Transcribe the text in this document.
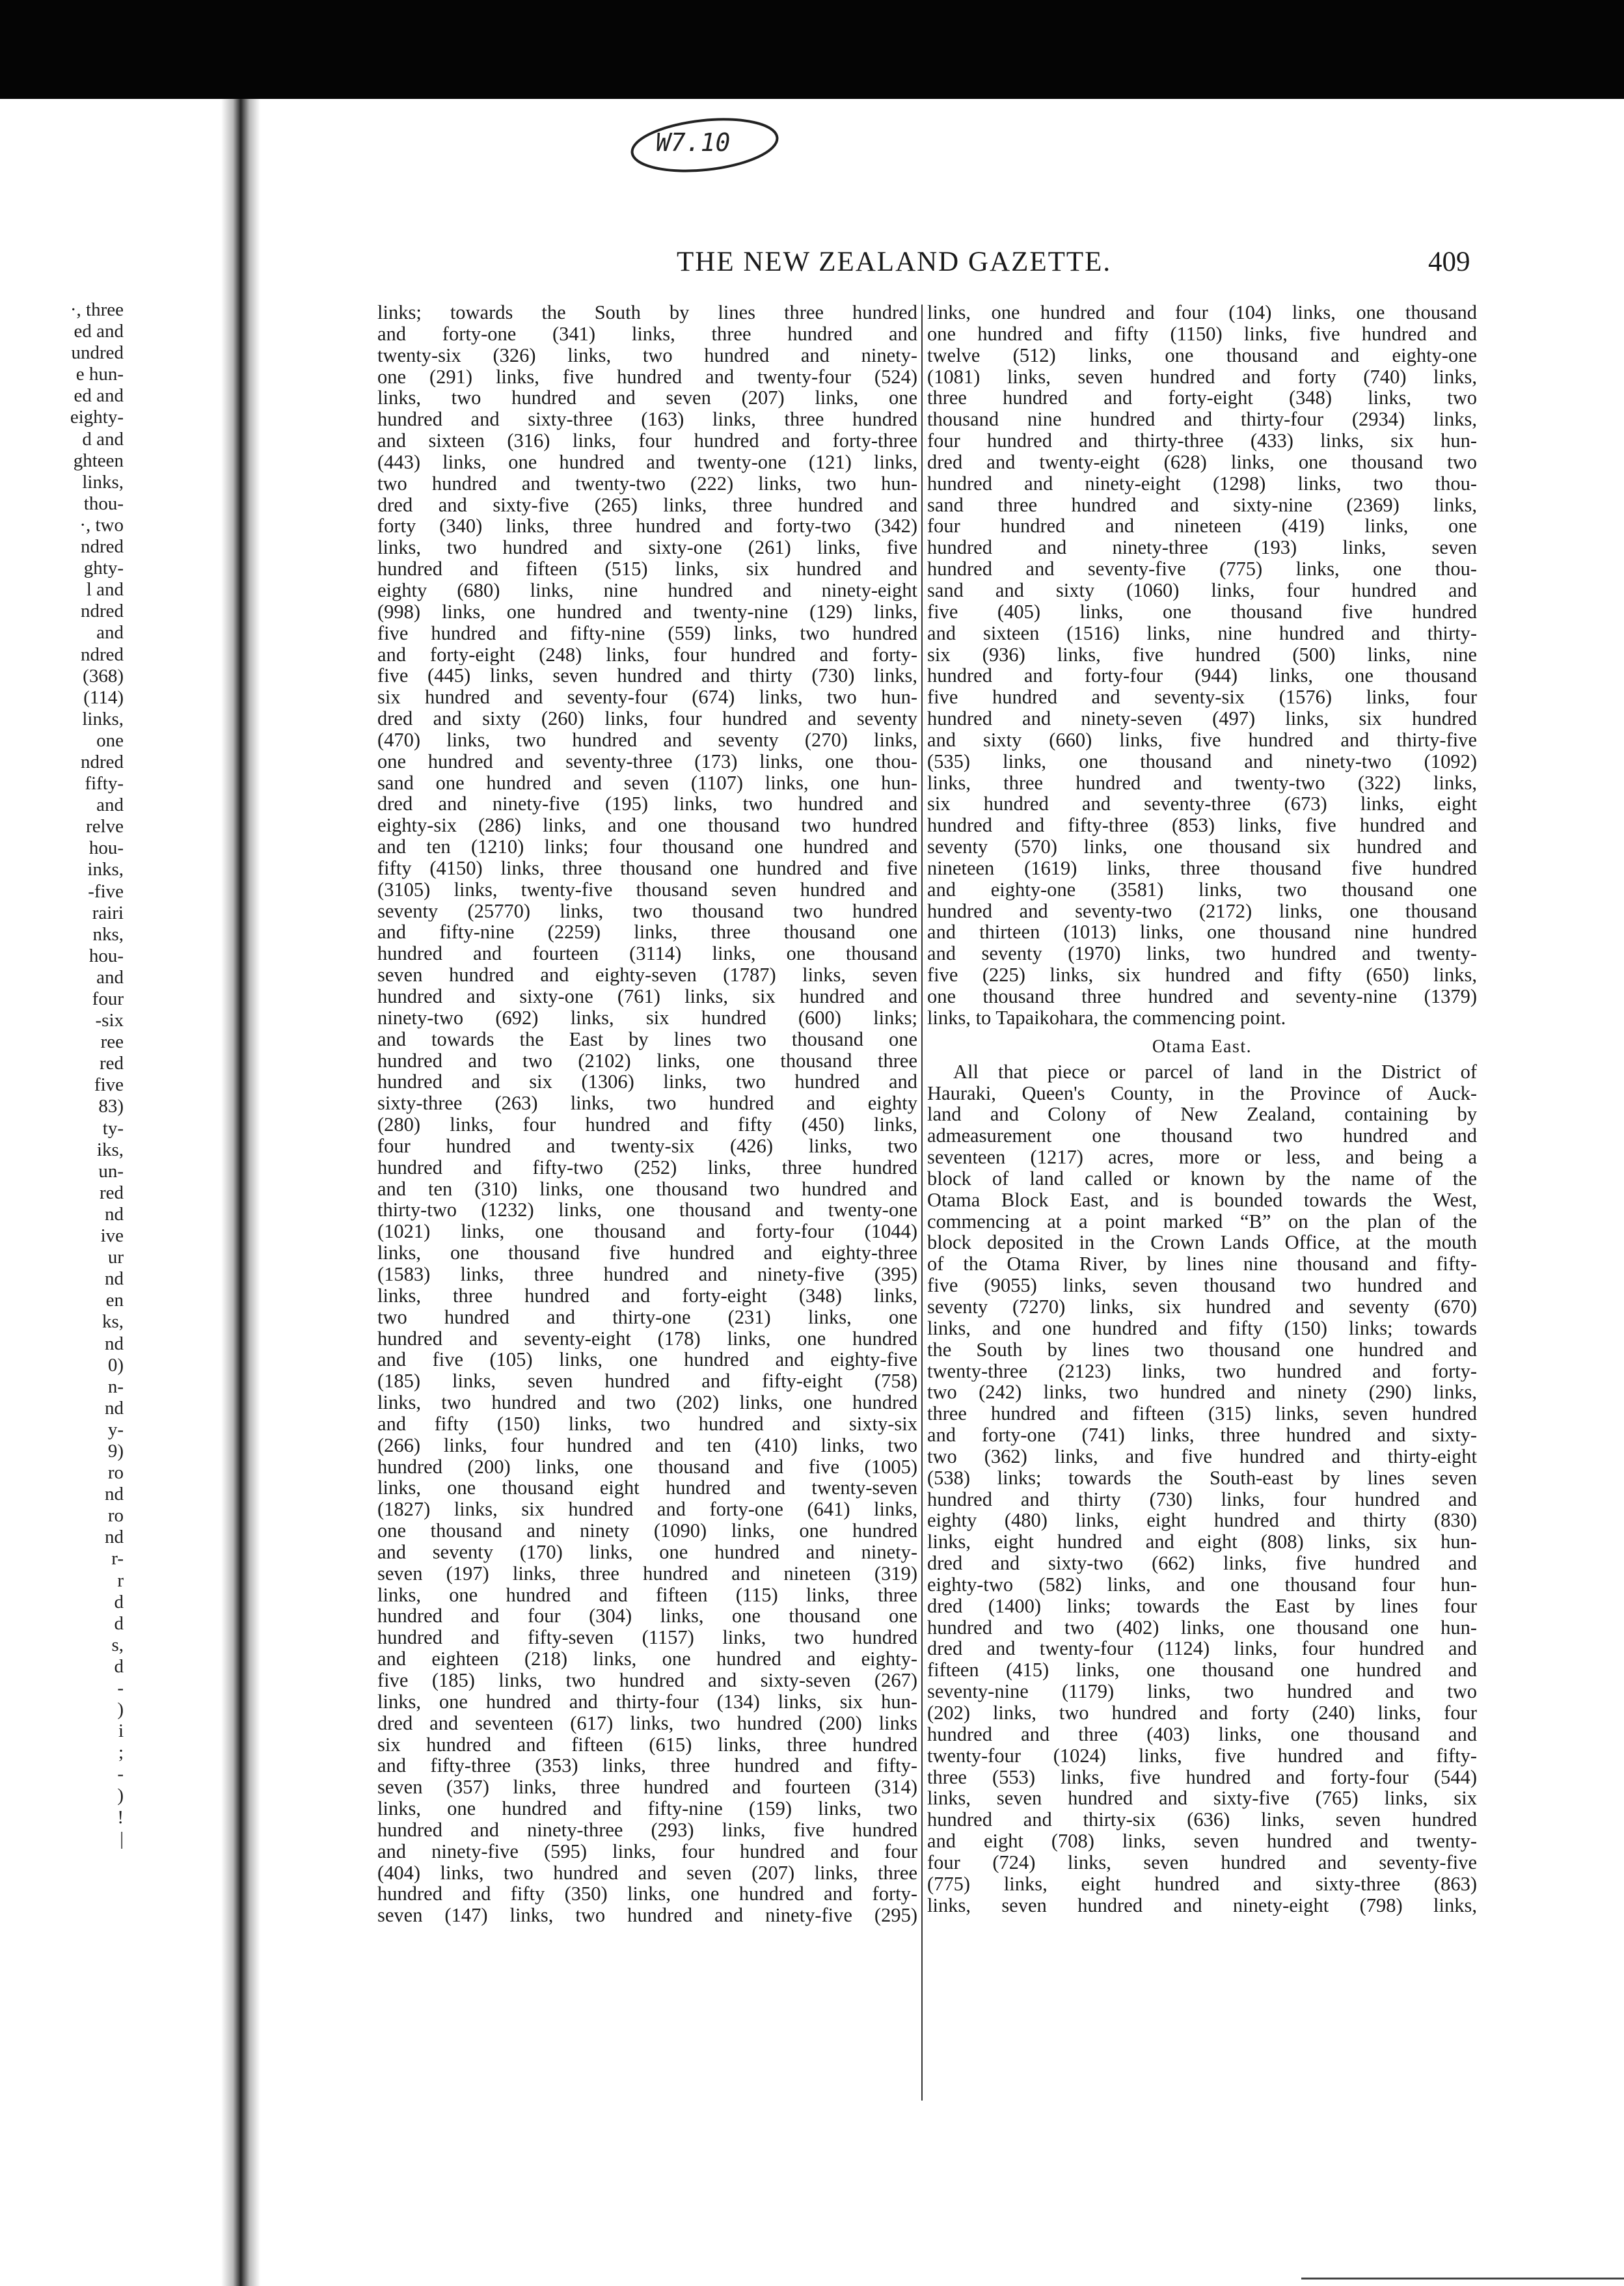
W7.10
THE NEW ZEALAND GAZETTE.	409
·, three
ed and
undred
e hun-
ed and
eighty-
d and
ghteen
links,
thou-
·, two
ndred
ghty-
l and
ndred
and
ndred
(368)
(114)
links,
one
ndred
fifty-
and
relve
hou-
inks,
-five
rairi
nks,
hou-
and
four
-six
ree
red
five
83)
ty-
iks,
un-
red
nd
ive
ur
nd
en
ks,
nd
0)
n-
nd
y-
9)
ro
nd
ro
nd
r-
r
d
d
s,
d
-
)
i
;
-
)
!
|
links; towards the South by lines three hundred
and forty-one (341) links, three hundred and
twenty-six (326) links, two hundred and ninety-
one (291) links, five hundred and twenty-four (524)
links, two hundred and seven (207) links, one
hundred and sixty-three (163) links, three hundred
and sixteen (316) links, four hundred and forty-three
(443) links, one hundred and twenty-one (121) links,
two hundred and twenty-two (222) links, two hun-
dred and sixty-five (265) links, three hundred and
forty (340) links, three hundred and forty-two (342)
links, two hundred and sixty-one (261) links, five
hundred and fifteen (515) links, six hundred and
eighty (680) links, nine hundred and ninety-eight
(998) links, one hundred and twenty-nine (129) links,
five hundred and fifty-nine (559) links, two hundred
and forty-eight (248) links, four hundred and forty-
five (445) links, seven hundred and thirty (730) links,
six hundred and seventy-four (674) links, two hun-
dred and sixty (260) links, four hundred and seventy
(470) links, two hundred and seventy (270) links,
one hundred and seventy-three (173) links, one thou-
sand one hundred and seven (1107) links, one hun-
dred and ninety-five (195) links, two hundred and
eighty-six (286) links, and one thousand two hundred
and ten (1210) links; four thousand one hundred and
fifty (4150) links, three thousand one hundred and five
(3105) links, twenty-five thousand seven hundred and
seventy (25770) links, two thousand two hundred
and fifty-nine (2259) links, three thousand one
hundred and fourteen (3114) links, one thousand
seven hundred and eighty-seven (1787) links, seven
hundred and sixty-one (761) links, six hundred and
ninety-two (692) links, six hundred (600) links;
and towards the East by lines two thousand one
hundred and two (2102) links, one thousand three
hundred and six (1306) links, two hundred and
sixty-three (263) links, two hundred and eighty
(280) links, four hundred and fifty (450) links,
four hundred and twenty-six (426) links, two
hundred and fifty-two (252) links, three hundred
and ten (310) links, one thousand two hundred and
thirty-two (1232) links, one thousand and twenty-one
(1021) links, one thousand and forty-four (1044)
links, one thousand five hundred and eighty-three
(1583) links, three hundred and ninety-five (395)
links, three hundred and forty-eight (348) links,
two hundred and thirty-one (231) links, one
hundred and seventy-eight (178) links, one hundred
and five (105) links, one hundred and eighty-five
(185) links, seven hundred and fifty-eight (758)
links, two hundred and two (202) links, one hundred
and fifty (150) links, two hundred and sixty-six
(266) links, four hundred and ten (410) links, two
hundred (200) links, one thousand and five (1005)
links, one thousand eight hundred and twenty-seven
(1827) links, six hundred and forty-one (641) links,
one thousand and ninety (1090) links, one hundred
and seventy (170) links, one hundred and ninety-
seven (197) links, three hundred and nineteen (319)
links, one hundred and fifteen (115) links, three
hundred and four (304) links, one thousand one
hundred and fifty-seven (1157) links, two hundred
and eighteen (218) links, one hundred and eighty-
five (185) links, two hundred and sixty-seven (267)
links, one hundred and thirty-four (134) links, six hun-
dred and seventeen (617) links, two hundred (200) links
six hundred and fifteen (615) links, three hundred
and fifty-three (353) links, three hundred and fifty-
seven (357) links, three hundred and fourteen (314)
links, one hundred and fifty-nine (159) links, two
hundred and ninety-three (293) links, five hundred
and ninety-five (595) links, four hundred and four
(404) links, two hundred and seven (207) links, three
hundred and fifty (350) links, one hundred and forty-
seven (147) links, two hundred and ninety-five (295)
links, one hundred and four (104) links, one thousand
one hundred and fifty (1150) links, five hundred and
twelve (512) links, one thousand and eighty-one
(1081) links, seven hundred and forty (740) links,
three hundred and forty-eight (348) links, two
thousand nine hundred and thirty-four (2934) links,
four hundred and thirty-three (433) links, six hun-
dred and twenty-eight (628) links, one thousand two
hundred and ninety-eight (1298) links, two thou-
sand three hundred and sixty-nine (2369) links,
four hundred and nineteen (419) links, one
hundred and ninety-three (193) links, seven
hundred and seventy-five (775) links, one thou-
sand and sixty (1060) links, four hundred and
five (405) links, one thousand five hundred
and sixteen (1516) links, nine hundred and thirty-
six (936) links, five hundred (500) links, nine
hundred and forty-four (944) links, one thousand
five hundred and seventy-six (1576) links, four
hundred and ninety-seven (497) links, six hundred
and sixty (660) links, five hundred and thirty-five
(535) links, one thousand and ninety-two (1092)
links, three hundred and twenty-two (322) links,
six hundred and seventy-three (673) links, eight
hundred and fifty-three (853) links, five hundred and
seventy (570) links, one thousand six hundred and
nineteen (1619) links, three thousand five hundred
and eighty-one (3581) links, two thousand one
hundred and seventy-two (2172) links, one thousand
and thirteen (1013) links, one thousand nine hundred
and seventy (1970) links, two hundred and twenty-
five (225) links, six hundred and fifty (650) links,
one thousand three hundred and seventy-nine (1379)
links, to Tapaikohara, the commencing point.
Otama East.
All that piece or parcel of land in the District of
Hauraki, Queen's County, in the Province of Auck-
land and Colony of New Zealand, containing by
admeasurement one thousand two hundred and
seventeen (1217) acres, more or less, and being a
block of land called or known by the name of the
Otama Block East, and is bounded towards the West,
commencing at a point marked “B” on the plan of the
block deposited in the Crown Lands Office, at the mouth
of the Otama River, by lines nine thousand and fifty-
five (9055) links, seven thousand two hundred and
seventy (7270) links, six hundred and seventy (670)
links, and one hundred and fifty (150) links; towards
the South by lines two thousand one hundred and
twenty-three (2123) links, two hundred and forty-
two (242) links, two hundred and ninety (290) links,
three hundred and fifteen (315) links, seven hundred
and forty-one (741) links, three hundred and sixty-
two (362) links, and five hundred and thirty-eight
(538) links; towards the South-east by lines seven
hundred and thirty (730) links, four hundred and
eighty (480) links, eight hundred and thirty (830)
links, eight hundred and eight (808) links, six hun-
dred and sixty-two (662) links, five hundred and
eighty-two (582) links, and one thousand four hun-
dred (1400) links; towards the East by lines four
hundred and two (402) links, one thousand one hun-
dred and twenty-four (1124) links, four hundred and
fifteen (415) links, one thousand one hundred and
seventy-nine (1179) links, two hundred and two
(202) links, two hundred and forty (240) links, four
hundred and three (403) links, one thousand and
twenty-four (1024) links, five hundred and fifty-
three (553) links, five hundred and forty-four (544)
links, seven hundred and sixty-five (765) links, six
hundred and thirty-six (636) links, seven hundred
and eight (708) links, seven hundred and twenty-
four (724) links, seven hundred and seventy-five
(775) links, eight hundred and sixty-three (863)
links, seven hundred and ninety-eight (798) links,
